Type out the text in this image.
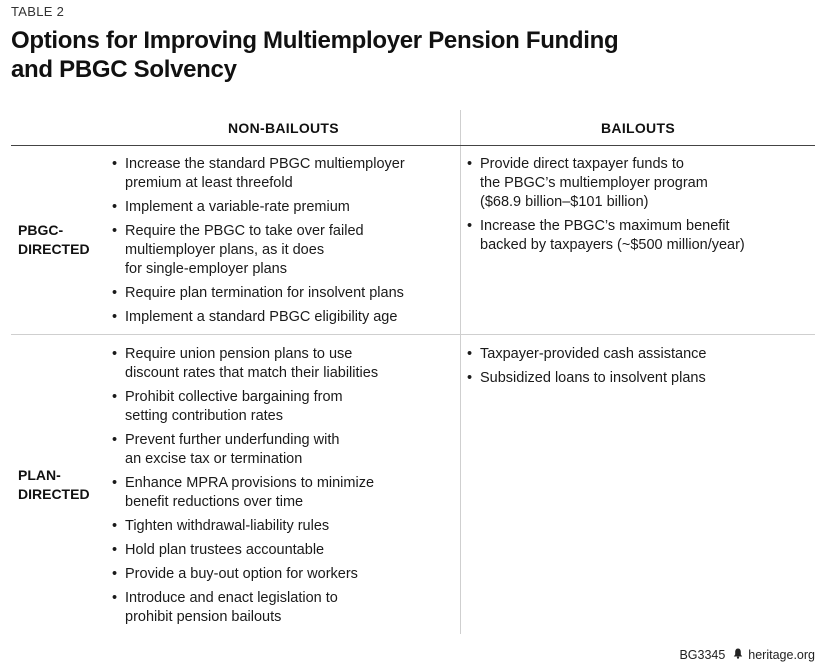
TABLE 2
Options for Improving Multiemployer Pension Funding
and PBGC Solvency
NON-BAILOUTS	BAILOUTS
PBGC-
DIRECTED
• Increase the standard PBGC multiemployer
premium at least threefold
• Implement a variable-rate premium
• Require the PBGC to take over failed
multiemployer plans, as it does
for single-employer plans
• Require plan termination for insolvent plans
• Implement a standard PBGC eligibility age
• Provide direct taxpayer funds to
the PBGC’s multiemployer program
($68.9 billion–$101 billion)
• Increase the PBGC’s maximum benefit
backed by taxpayers (~$500 million/year)
PLAN-
DIRECTED
• Require union pension plans to use
discount rates that match their liabilities
• Prohibit collective bargaining from
setting contribution rates
• Prevent further underfunding with
an excise tax or termination
• Enhance MPRA provisions to minimize
benefit reductions over time
• Tighten withdrawal-liability rules
• Hold plan trustees accountable
• Provide a buy-out option for workers
• Introduce and enact legislation to
prohibit pension bailouts
• Taxpayer-provided cash assistance
• Subsidized loans to insolvent plans
BG3345 heritage.org
